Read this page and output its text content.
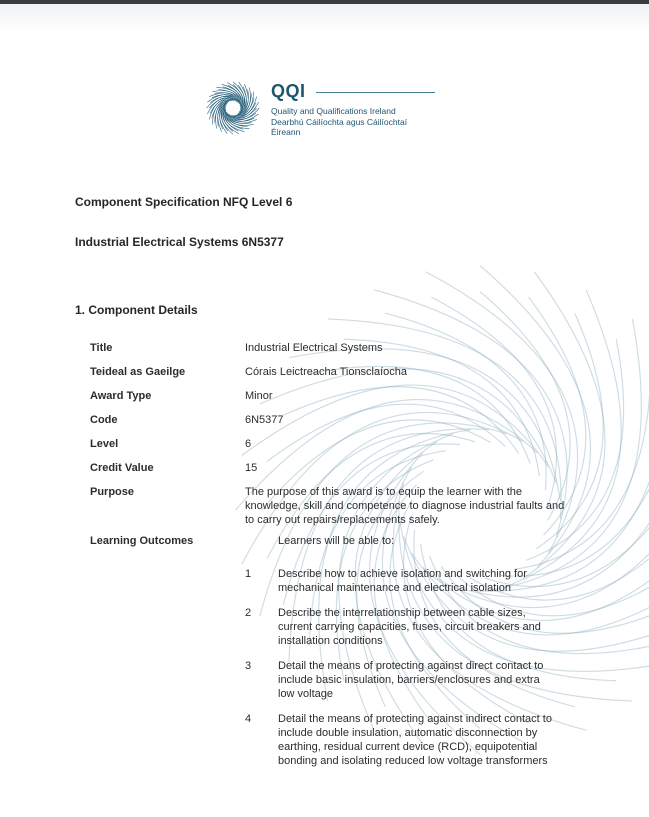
QQI
Quality and Qualifications Ireland
Dearbhú Cáilíochta agus Cáilíochtaí Éireann
Component Specification NFQ Level 6
Industrial Electrical Systems 6N5377
1. Component Details
Title	Industrial Electrical Systems
Teideal as Gaeilge	Córais Leictreacha Tionsclaíocha
Award Type	Minor
Code	6N5377
Level	6
Credit Value	15
Purpose	The purpose of this award is to equip the learner with the knowledge, skill and competence to diagnose industrial faults and to carry out repairs/replacements safely.
Learning Outcomes	Learners will be able to:
1	Describe how to achieve isolation and switching for mechanical maintenance and electrical isolation
2	Describe the interrelationship between cable sizes, current carrying capacities, fuses, circuit breakers and installation conditions
3	Detail the means of protecting against direct contact to include basic insulation, barriers/enclosures and extra low voltage
4	Detail the means of protecting against indirect contact to include double insulation, automatic disconnection by earthing, residual current device (RCD), equipotential bonding and isolating reduced low voltage transformers
